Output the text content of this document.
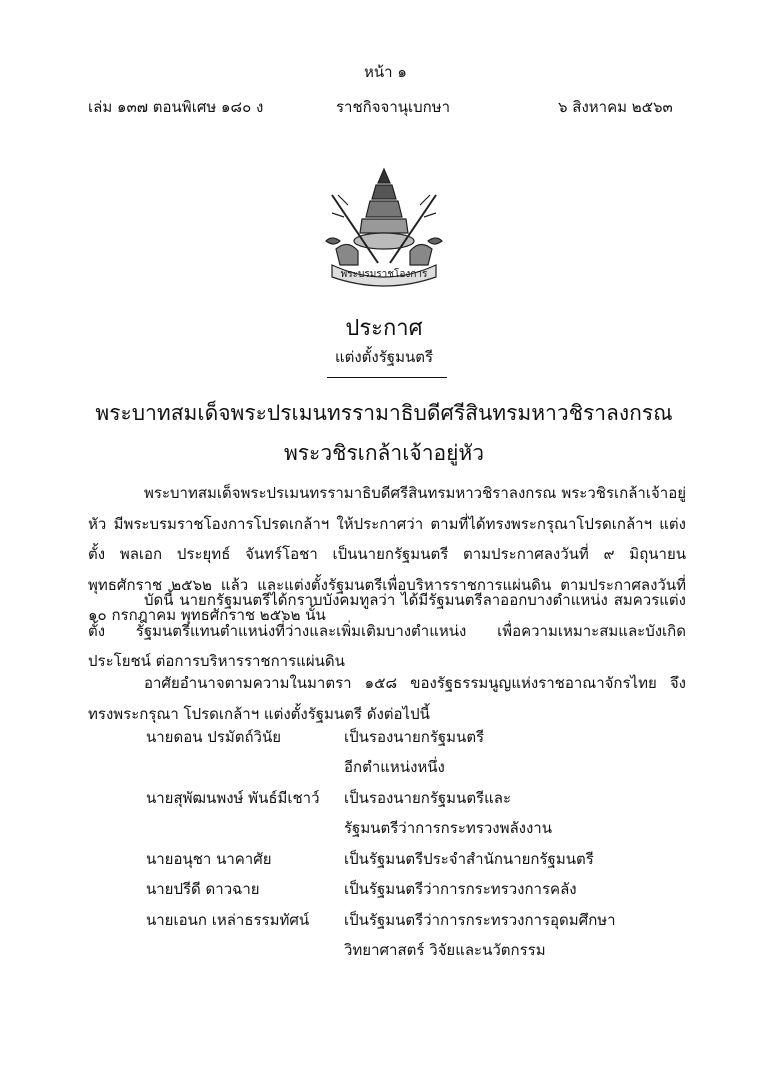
หน้า ๑
เล่ม ๑๓๗ ตอนพิเศษ ๑๘๐ ง	ราชกิจจานุเบกษา	๖ สิงหาคม ๒๕๖๓
พระบรมราชโองการ
ประกาศ
แต่งตั้งรัฐมนตรี
พระบาทสมเด็จพระปรเมนทรรามาธิบดีศรีสินทรมหาวชิราลงกรณ
พระวชิรเกล้าเจ้าอยู่หัว

พระบาทสมเด็จพระปรเมนทรรามาธิบดีศรีสินทรมหาวชิราลงกรณ พระวชิรเกล้าเจ้าอยู่หัว มีพระบรมราชโองการโปรดเกล้าฯ ให้ประกาศว่า ตามที่ได้ทรงพระกรุณาโปรดเกล้าฯ แต่งตั้ง พลเอก ประยุทธ์ จันทร์โอชา เป็นนายกรัฐมนตรี ตามประกาศลงวันที่ ๙ มิถุนายน พุทธศักราช ๒๕๖๒ แล้ว และแต่งตั้งรัฐมนตรีเพื่อบริหารราชการแผ่นดิน ตามประกาศลงวันที่ ๑๐ กรกฎาคม พุทธศักราช ๒๕๖๒ นั้น

บัดนี้ นายกรัฐมนตรีได้กราบบังคมทูลว่า ได้มีรัฐมนตรีลาออกบางตำแหน่ง สมควรแต่งตั้ง รัฐมนตรีแทนตำแหน่งที่ว่างและเพิ่มเติมบางตำแหน่ง เพื่อความเหมาะสมและบังเกิดประโยชน์ ต่อการบริหารราชการแผ่นดิน

อาศัยอำนาจตามความในมาตรา ๑๕๘ ของรัฐธรรมนูญแห่งราชอาณาจักรไทย จึงทรงพระกรุณา โปรดเกล้าฯ แต่งตั้งรัฐมนตรี ดังต่อไปนี้

นายดอน ปรมัตถ์วินัย	เป็นรองนายกรัฐมนตรี
อีกตำแหน่งหนึ่ง
นายสุพัฒนพงษ์ พันธ์มีเชาว์ เป็นรองนายกรัฐมนตรีและ
รัฐมนตรีว่าการกระทรวงพลังงาน
นายอนุชา นาคาศัย	เป็นรัฐมนตรีประจำสำนักนายกรัฐมนตรี
นายปรีดี ดาวฉาย	เป็นรัฐมนตรีว่าการกระทรวงการคลัง
นายเอนก เหล่าธรรมทัศน์ เป็นรัฐมนตรีว่าการกระทรวงการอุดมศึกษา
วิทยาศาสตร์ วิจัยและนวัตกรรม
